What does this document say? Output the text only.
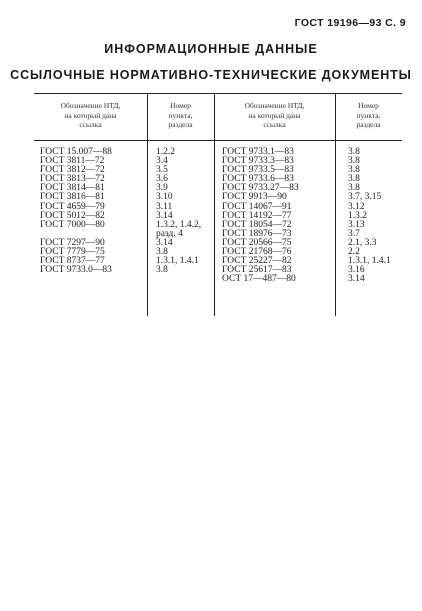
ГОСТ 19196—93 С. 9
ИНФОРМАЦИОННЫЕ ДАННЫЕ
ССЫЛОЧНЫЕ НОРМАТИВНО-ТЕХНИЧЕСКИЕ ДОКУМЕНТЫ
Обозначение НТД,
на который дана
ссылка
Номер
пункта,
раздела
Обозначение НТД,
на который дана
ссылка
Номер
пункта,
раздела
ГОСТ 15.007—88
ГОСТ 3811—72
ГОСТ 3812—72
ГОСТ 3813—72
ГОСТ 3814—81
ГОСТ 3816—81
ГОСТ 4659—79
ГОСТ 5012—82
ГОСТ 7000—80
ГОСТ 7297—90
ГОСТ 7779—75
ГОСТ 8737—77
ГОСТ 9733.0—83
1.2.2
3.4
3.5
3.6
3.9
3.10
3.11
3.14
1.3.2, 1.4.2,
разд. 4
3.14
3.8
1.3.1, 1.4.1
3.8
ГОСТ 9733.1—83
ГОСТ 9733.3—83
ГОСТ 9733.5—83
ГОСТ 9733.6—83
ГОСТ 9733.27—83
ГОСТ 9913—90
ГОСТ 14067—91
ГОСТ 14192—77
ГОСТ 18054—72
ГОСТ 18976—73
ГОСТ 20566—75
ГОСТ 21768—76
ГОСТ 25227—82
ГОСТ 25617—83
ОСТ 17—487—80
3.8
3.8
3.8
3.8
3.8
3.7, 3.15
3.12
1.3.2
3.13
3.7
2.1, 3.3
2.2
1.3.1, 1.4.1
3.16
3.14
